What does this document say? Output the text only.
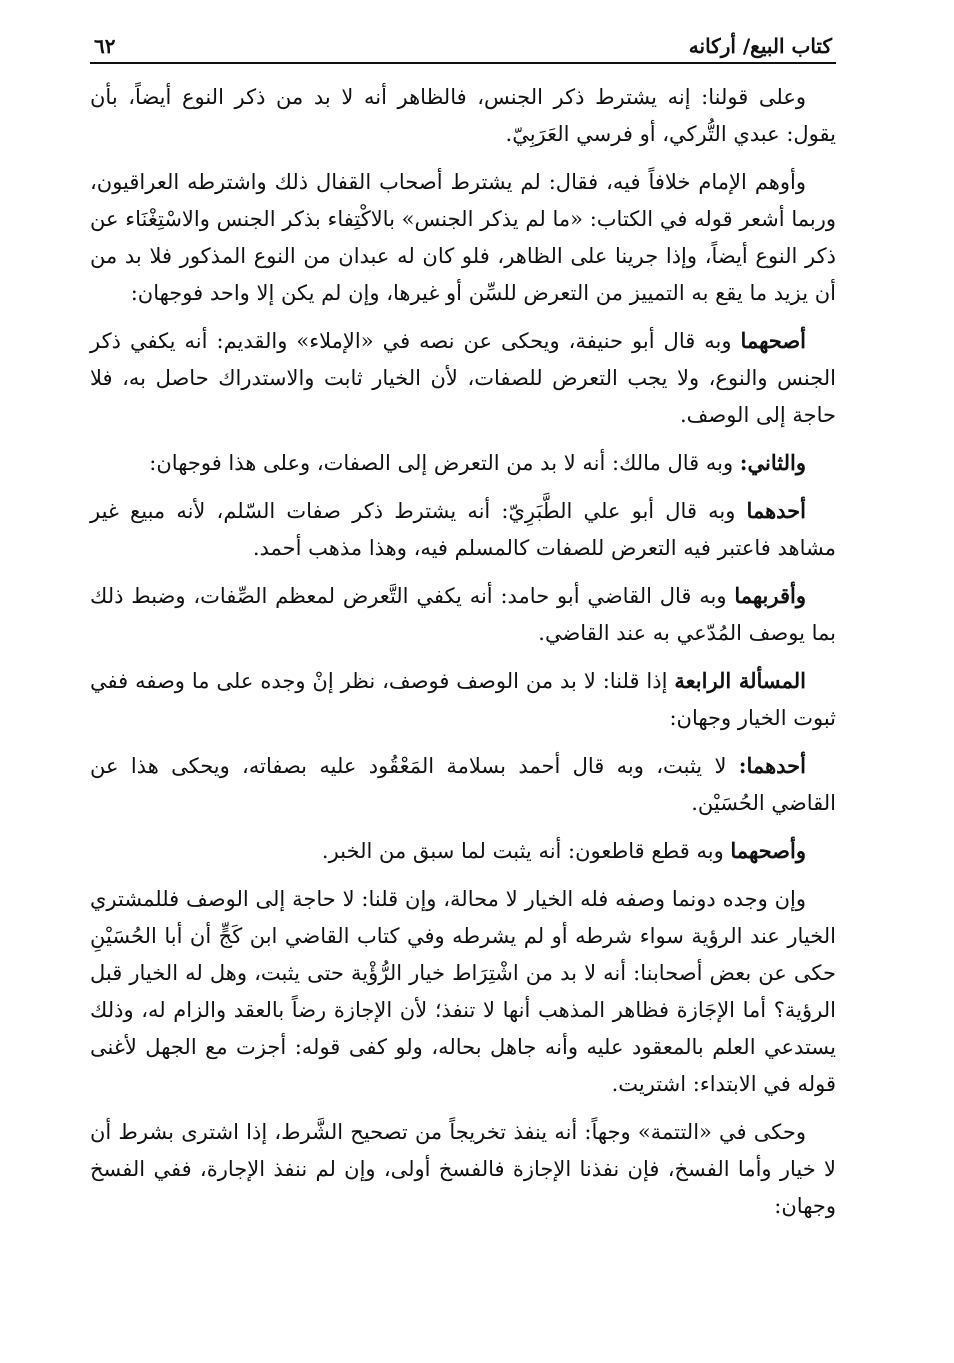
كتاب البيع/ أركانه
٦٢

وعلى قولنا: إنه يشترط ذكر الجنس، فالظاهر أنه لا بد من ذكر النوع أيضاً، بأن يقول: عبدي التُّركي، أو فرسي العَرَبِيّ.

وأوهم الإمام خلافاً فيه، فقال: لم يشترط أصحاب القفال ذلك واشترطه العراقيون، وربما أشعر قوله في الكتاب: «ما لم يذكر الجنس» بالاكْتِفاء بذكر الجنس والاسْتِغْنَاء عن ذكر النوع أيضاً، وإذا جرينا على الظاهر، فلو كان له عبدان من النوع المذكور فلا بد من أن يزيد ما يقع به التمييز من التعرض للسِّن أو غيرها، وإن لم يكن إلا واحد فوجهان:

أصحهما وبه قال أبو حنيفة، ويحكى عن نصه في «الإملاء» والقديم: أنه يكفي ذكر الجنس والنوع، ولا يجب التعرض للصفات، لأن الخيار ثابت والاستدراك حاصل به، فلا حاجة إلى الوصف.

والثاني: وبه قال مالك: أنه لا بد من التعرض إلى الصفات، وعلى هذا فوجهان:

أحدهما وبه قال أبو علي الطَّبَرِيّ: أنه يشترط ذكر صفات السّلم، لأنه مبيع غير مشاهد فاعتبر فيه التعرض للصفات كالمسلم فيه، وهذا مذهب أحمد.

وأقربهما وبه قال القاضي أبو حامد: أنه يكفي التَّعرض لمعظم الصِّفات، وضبط ذلك بما يوصف المُدّعي به عند القاضي.

المسألة الرابعة إذا قلنا: لا بد من الوصف فوصف، نظر إنْ وجده على ما وصفه ففي ثبوت الخيار وجهان:

أحدهما: لا يثبت، وبه قال أحمد بسلامة المَعْقُود عليه بصفاته، ويحكى هذا عن القاضي الحُسَيْن.

وأصحهما وبه قطع قاطعون: أنه يثبت لما سبق من الخبر.

وإن وجده دونما وصفه فله الخيار لا محالة، وإن قلنا: لا حاجة إلى الوصف فللمشتري الخيار عند الرؤية سواء شرطه أو لم يشرطه وفي كتاب القاضي ابن كَجٍّ أن أبا الحُسَيْنِ حكى عن بعض أصحابنا: أنه لا بد من اشْتِرَاط خيار الرُّؤْية حتى يثبت، وهل له الخيار قبل الرؤية؟ أما الإجَازة فظاهر المذهب أنها لا تنفذ؛ لأن الإجازة رضاً بالعقد والزام له، وذلك يستدعي العلم بالمعقود عليه وأنه جاهل بحاله، ولو كفى قوله: أجزت مع الجهل لأغنى قوله في الابتداء: اشتريت.

وحكى في «التتمة» وجهاً: أنه ينفذ تخريجاً من تصحيح الشَّرط، إذا اشترى بشرط أن لا خيار وأما الفسخ، فإن نفذنا الإجازة فالفسخ أولى، وإن لم ننفذ الإجارة، ففي الفسخ وجهان:
